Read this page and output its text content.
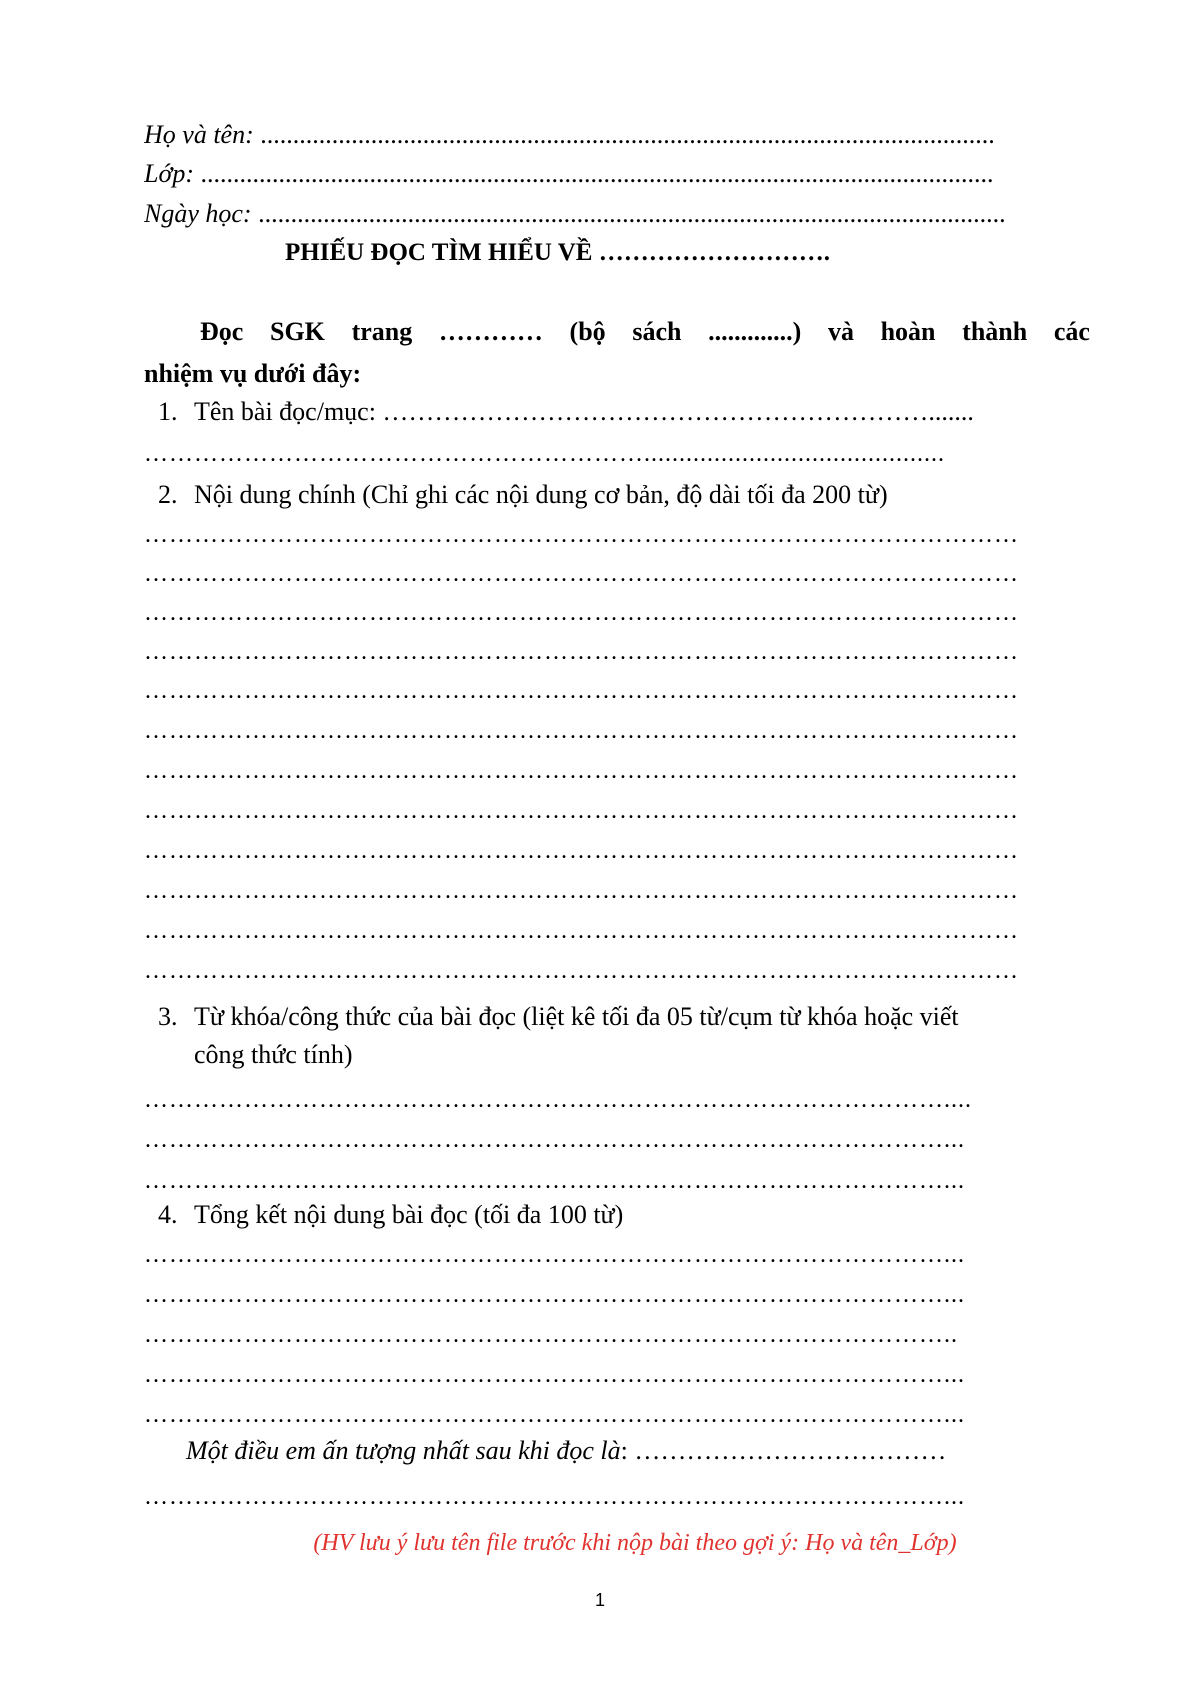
Họ và tên: .................................................................................................................
Lớp: ..........................................................................................................................
Ngày học: ...................................................................................................................
PHIẾU ĐỌC TÌM HIỂU VỀ ……………………….
Đọc SGK trang ………… (bộ sách .............) và hoàn thành các
nhiệm vụ dưới đây:
1. Tên bài đọc/mục: ……………………………………………………….......
……………………………………………………...........................................
2. Nội dung chính (Chỉ ghi các nội dung cơ bản, độ dài tối đa 200 từ)
……………………………………………………………………………………………
……………………………………………………………………………………………
……………………………………………………………………………………………
……………………………………………………………………………………………
……………………………………………………………………………………………
……………………………………………………………………………………………
……………………………………………………………………………………………
……………………………………………………………………………………………
……………………………………………………………………………………………
……………………………………………………………………………………………
……………………………………………………………………………………………
……………………………………………………………………………………………
3. Từ khóa/công thức của bài đọc (liệt kê tối đa 05 từ/cụm từ khóa hoặc viết
công thức tính)
……………………………………………………………………………………....
……………………………………………………………………………………...
……………………………………………………………………………………...
4. Tổng kết nội dung bài đọc (tối đa 100 từ)
……………………………………………………………………………………...
……………………………………………………………………………………...
……………………………………………………………………………………..
……………………………………………………………………………………...
……………………………………………………………………………………...
Một điều em ấn tượng nhất sau khi đọc là: ………………………………
……………………………………………………………………………………...
(HV lưu ý lưu tên file trước khi nộp bài theo gợi ý: Họ và tên_Lớp)
1
